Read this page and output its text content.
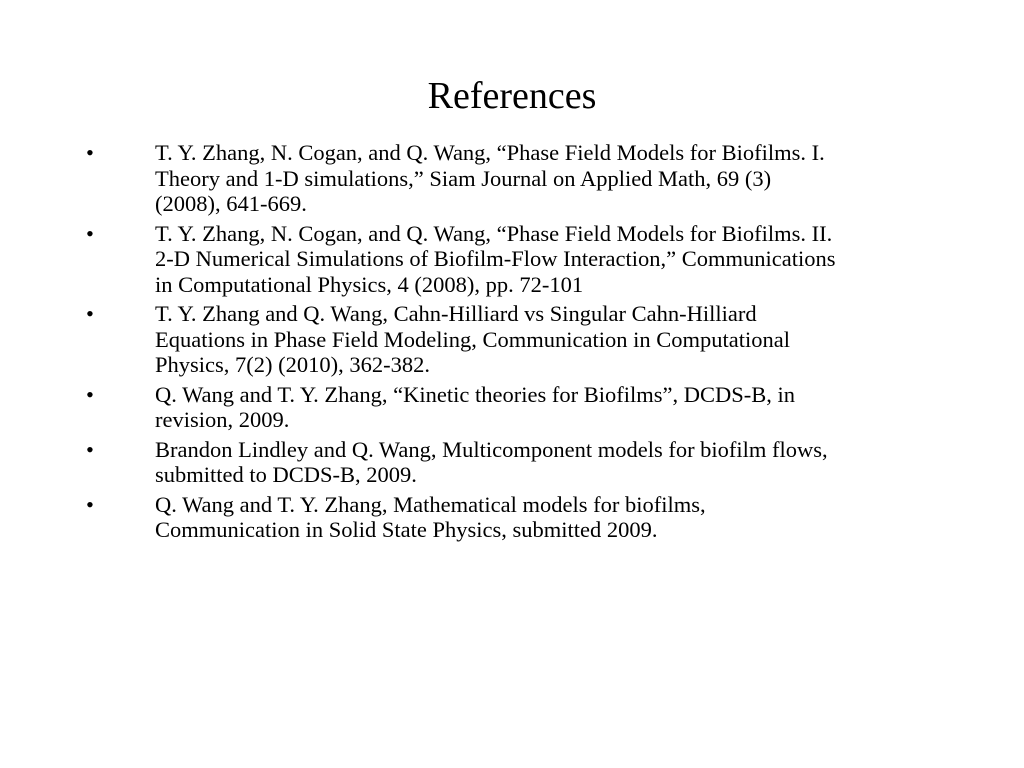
References
•	T. Y. Zhang, N. Cogan, and Q. Wang, “Phase Field Models for Biofilms. I.
Theory and 1-D simulations,” Siam Journal on Applied Math, 69 (3)
(2008), 641-669.
•	T. Y. Zhang, N. Cogan, and Q. Wang, “Phase Field Models for Biofilms. II.
2-D Numerical Simulations of Biofilm-Flow Interaction,” Communications
in Computational Physics, 4 (2008), pp. 72-101
•	T. Y. Zhang and Q. Wang, Cahn-Hilliard vs Singular Cahn-Hilliard
Equations in Phase Field Modeling, Communication in Computational
Physics, 7(2) (2010), 362-382.
•	Q. Wang and T. Y. Zhang, “Kinetic theories for Biofilms”, DCDS-B, in
revision, 2009.
•	Brandon Lindley and Q. Wang, Multicomponent models for biofilm flows,
submitted to DCDS-B, 2009.
•	Q. Wang and T. Y. Zhang, Mathematical models for biofilms,
Communication in Solid State Physics, submitted 2009.
